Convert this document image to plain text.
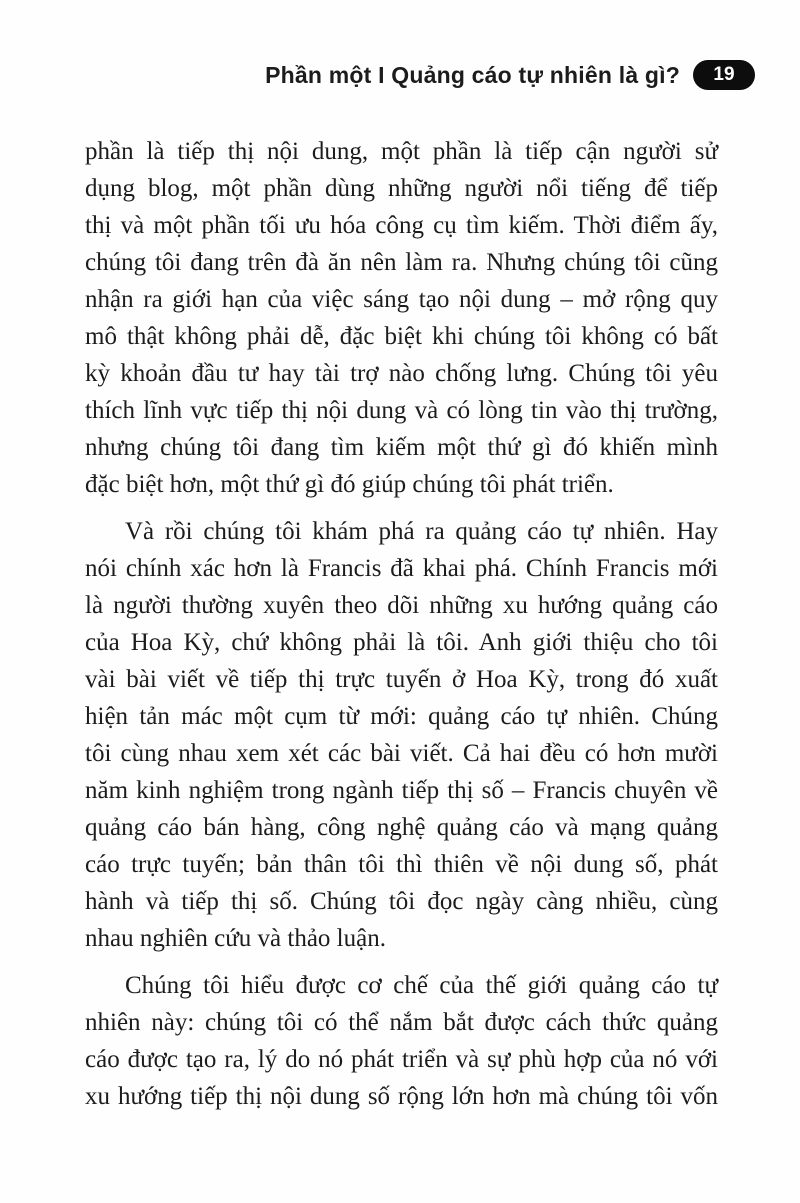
Phần một I Quảng cáo tự nhiên là gì? 19
phần là tiếp thị nội dung, một phần là tiếp cận người sử
dụng blog, một phần dùng những người nổi tiếng để tiếp
thị và một phần tối ưu hóa công cụ tìm kiếm. Thời điểm ấy,
chúng tôi đang trên đà ăn nên làm ra. Nhưng chúng tôi cũng
nhận ra giới hạn của việc sáng tạo nội dung – mở rộng quy
mô thật không phải dễ, đặc biệt khi chúng tôi không có bất
kỳ khoản đầu tư hay tài trợ nào chống lưng. Chúng tôi yêu
thích lĩnh vực tiếp thị nội dung và có lòng tin vào thị trường,
nhưng chúng tôi đang tìm kiếm một thứ gì đó khiến mình
đặc biệt hơn, một thứ gì đó giúp chúng tôi phát triển.
Và rồi chúng tôi khám phá ra quảng cáo tự nhiên. Hay
nói chính xác hơn là Francis đã khai phá. Chính Francis mới
là người thường xuyên theo dõi những xu hướng quảng cáo
của Hoa Kỳ, chứ không phải là tôi. Anh giới thiệu cho tôi
vài bài viết về tiếp thị trực tuyến ở Hoa Kỳ, trong đó xuất
hiện tản mác một cụm từ mới: quảng cáo tự nhiên. Chúng
tôi cùng nhau xem xét các bài viết. Cả hai đều có hơn mười
năm kinh nghiệm trong ngành tiếp thị số – Francis chuyên về
quảng cáo bán hàng, công nghệ quảng cáo và mạng quảng
cáo trực tuyến; bản thân tôi thì thiên về nội dung số, phát
hành và tiếp thị số. Chúng tôi đọc ngày càng nhiều, cùng
nhau nghiên cứu và thảo luận.
Chúng tôi hiểu được cơ chế của thế giới quảng cáo tự
nhiên này: chúng tôi có thể nắm bắt được cách thức quảng
cáo được tạo ra, lý do nó phát triển và sự phù hợp của nó với
xu hướng tiếp thị nội dung số rộng lớn hơn mà chúng tôi vốn
